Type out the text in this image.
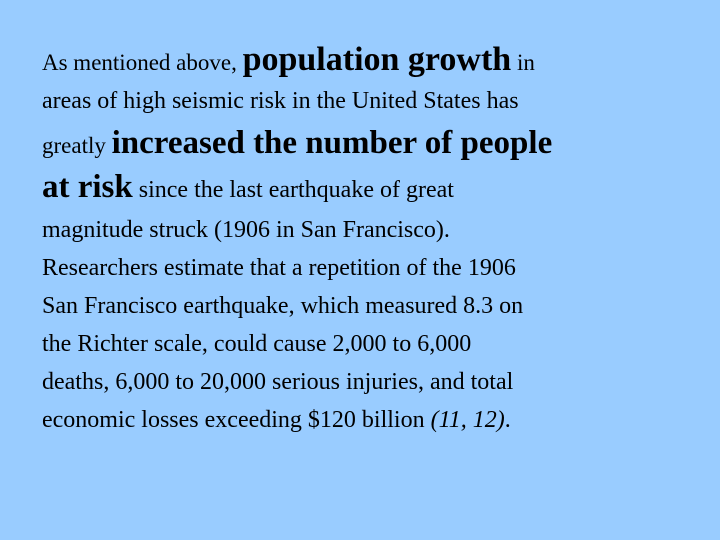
As mentioned above, population growth in
areas of high seismic risk in the United States has
greatly increased the number of people
at risk since the last earthquake of great
magnitude struck (1906 in San Francisco).
Researchers estimate that a repetition of the 1906
San Francisco earthquake, which measured 8.3 on
the Richter scale, could cause 2,000 to 6,000
deaths, 6,000 to 20,000 serious injuries, and total
economic losses exceeding $120 billion (11, 12).
